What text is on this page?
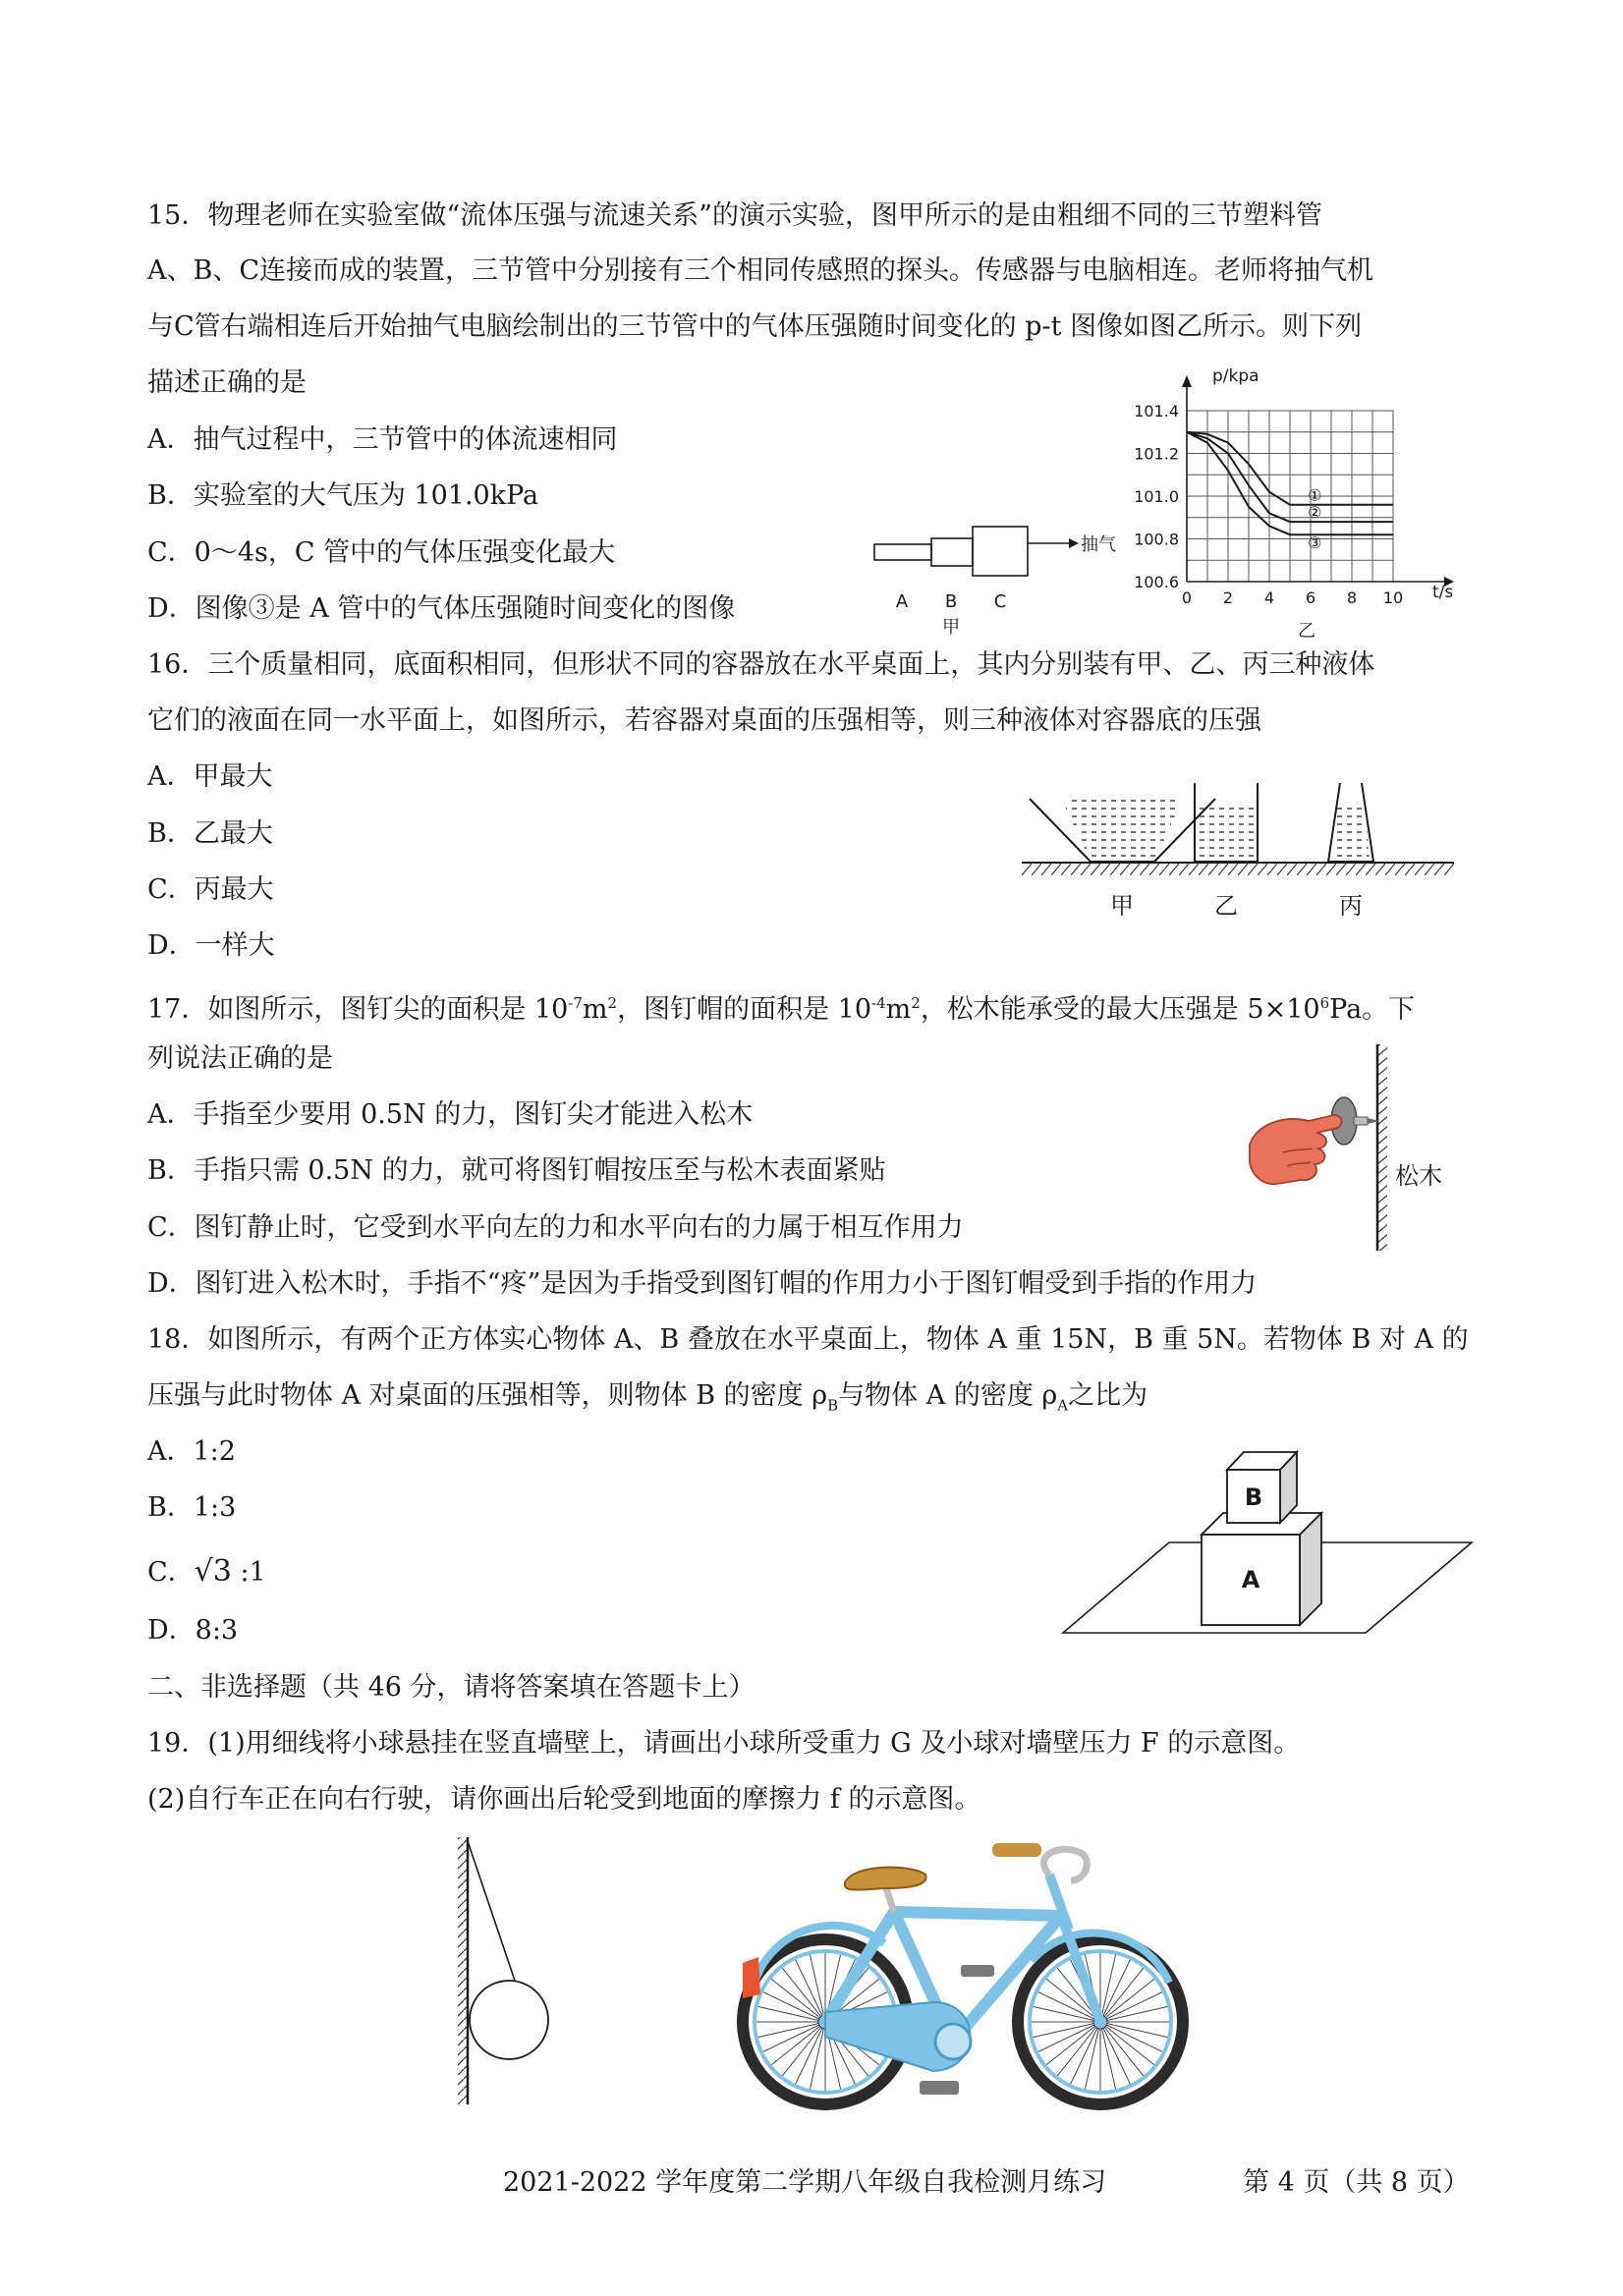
15．物理老师在实验室做“流体压强与流速关系”的演示实验，图甲所示的是由粗细不同的三节塑料管
A、B、C连接而成的装置，三节管中分别接有三个相同传感照的探头。传感器与电脑相连。老师将抽气机
与C管右端相连后开始抽气电脑绘制出的三节管中的气体压强随时间变化的 p-t 图像如图乙所示。则下列
描述正确的是
A．抽气过程中，三节管中的体流速相同
B．实验室的大气压为 101.0kPa
C．0～4s，C 管中的气体压强变化最大
D．图像③是 A 管中的气体压强随时间变化的图像
抽气
A B C
甲
①
②
③
100.6
100.8
101.0
101.2
101.4
0 2 4 6 8 10
p/kpa
t/s
乙
16．三个质量相同，底面积相同，但形状不同的容器放在水平桌面上，其内分别装有甲、乙、丙三种液体
它们的液面在同一水平面上，如图所示，若容器对桌面的压强相等，则三种液体对容器底的压强
A．甲最大
B．乙最大
C．丙最大
D．一样大
甲	乙	丙
17．如图所示，图钉尖的面积是 $10^{-7}m^2$，图钉帽的面积是 $10^{-4}m^2$，松木能承受的最大压强是 $5\times 10^6Pa$。下
列说法正确的是
A．手指至少要用 0.5N 的力，图钉尖才能进入松木
B．手指只需 0.5N 的力，就可将图钉帽按压至与松木表面紧贴
C．图钉静止时，它受到水平向左的力和水平向右的力属于相互作用力
D．图钉进入松木时，手指不“疼”是因为手指受到图钉帽的作用力小于图钉帽受到手指的作用力
松木
18．如图所示，有两个正方体实心物体 A、B 叠放在水平桌面上，物体 A 重 15N，B 重 5N。若物体 B 对 A 的
压强与此时物体 A 对桌面的压强相等，则物体 B 的密度 $\rho_B$与物体 A 的密度 $\rho_A$之比为
A．1:2
B．1:3
C．√3 :1
D．8:3
B
A
二、非选择题（共 46 分，请将答案填在答题卡上）
19．(1)用细线将小球悬挂在竖直墙壁上，请画出小球所受重力 G 及小球对墙壁压力 F 的示意图。
(2)自行车正在向右行驶，请你画出后轮受到地面的摩擦力 f 的示意图。
2021-2022 学年度第二学期八年级自我检测月练习	第 4 页（共 8 页）
